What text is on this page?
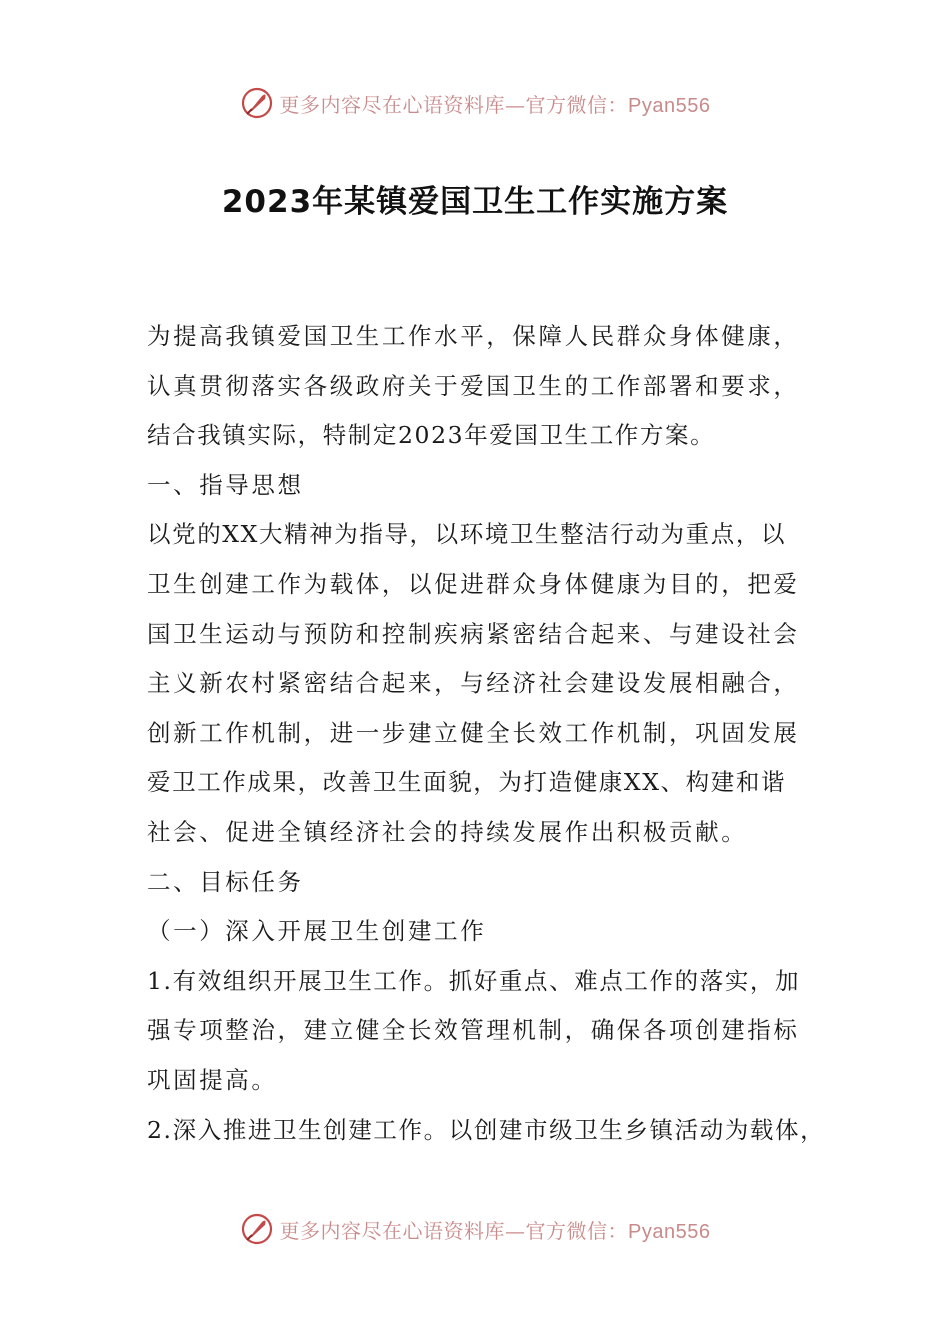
更多内容尽在心语资料库—官方微信：Pyan556
2023年某镇爱国卫生工作实施方案
为提高我镇爱国卫生工作水平，保障人民群众身体健康，
认真贯彻落实各级政府关于爱国卫生的工作部署和要求，
结合我镇实际，特制定2023年爱国卫生工作方案。
一、指导思想
以党的XX大精神为指导，以环境卫生整洁行动为重点，以
卫生创建工作为载体，以促进群众身体健康为目的，把爱
国卫生运动与预防和控制疾病紧密结合起来、与建设社会
主义新农村紧密结合起来，与经济社会建设发展相融合，
创新工作机制，进一步建立健全长效工作机制，巩固发展
爱卫工作成果，改善卫生面貌，为打造健康XX、构建和谐
社会、促进全镇经济社会的持续发展作出积极贡献。
二、目标任务
（一）深入开展卫生创建工作
1.有效组织开展卫生工作。抓好重点、难点工作的落实，加
强专项整治，建立健全长效管理机制，确保各项创建指标
巩固提高。
2.深入推进卫生创建工作。以创建市级卫生乡镇活动为载体，
更多内容尽在心语资料库—官方微信：Pyan556
